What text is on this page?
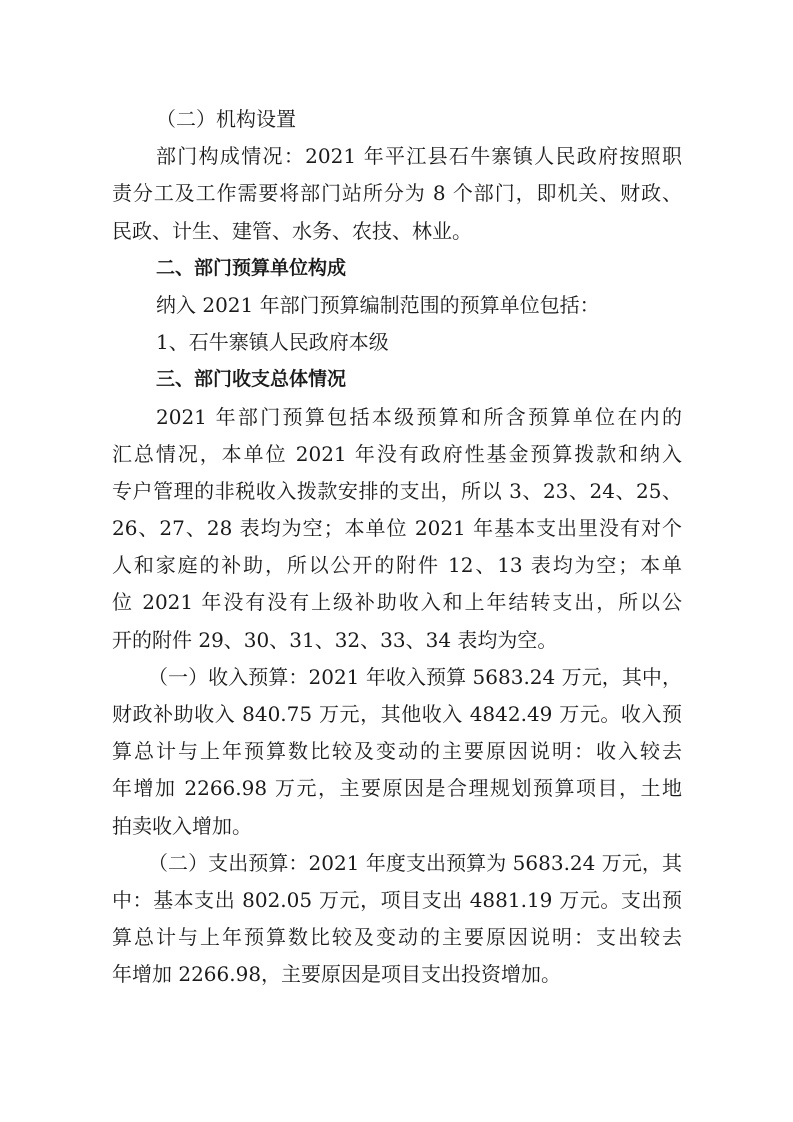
（二）机构设置
部门构成情况：2021 年平江县石牛寨镇人民政府按照职
责分工及工作需要将部门站所分为 8 个部门，即机关、财政、
民政、计生、建管、水务、农技、林业。
二、部门预算单位构成
纳入 2021 年部门预算编制范围的预算单位包括：
1、石牛寨镇人民政府本级
三、部门收支总体情况
2021 年部门预算包括本级预算和所含预算单位在内的
汇总情况，本单位 2021 年没有政府性基金预算拨款和纳入
专户管理的非税收入拨款安排的支出，所以 3、23、24、25、
26、27、28 表均为空；本单位 2021 年基本支出里没有对个
人和家庭的补助，所以公开的附件 12、13 表均为空；本单
位 2021 年没有没有上级补助收入和上年结转支出，所以公
开的附件 29、30、31、32、33、34 表均为空。
（一）收入预算：2021 年收入预算 5683.24 万元，其中，
财政补助收入 840.75 万元，其他收入 4842.49 万元。收入预
算总计与上年预算数比较及变动的主要原因说明：收入较去
年增加 2266.98 万元，主要原因是合理规划预算项目，土地
拍卖收入增加。
（二）支出预算：2021 年度支出预算为 5683.24 万元，其
中：基本支出 802.05 万元，项目支出 4881.19 万元。支出预
算总计与上年预算数比较及变动的主要原因说明：支出较去
年增加 2266.98，主要原因是项目支出投资增加。
